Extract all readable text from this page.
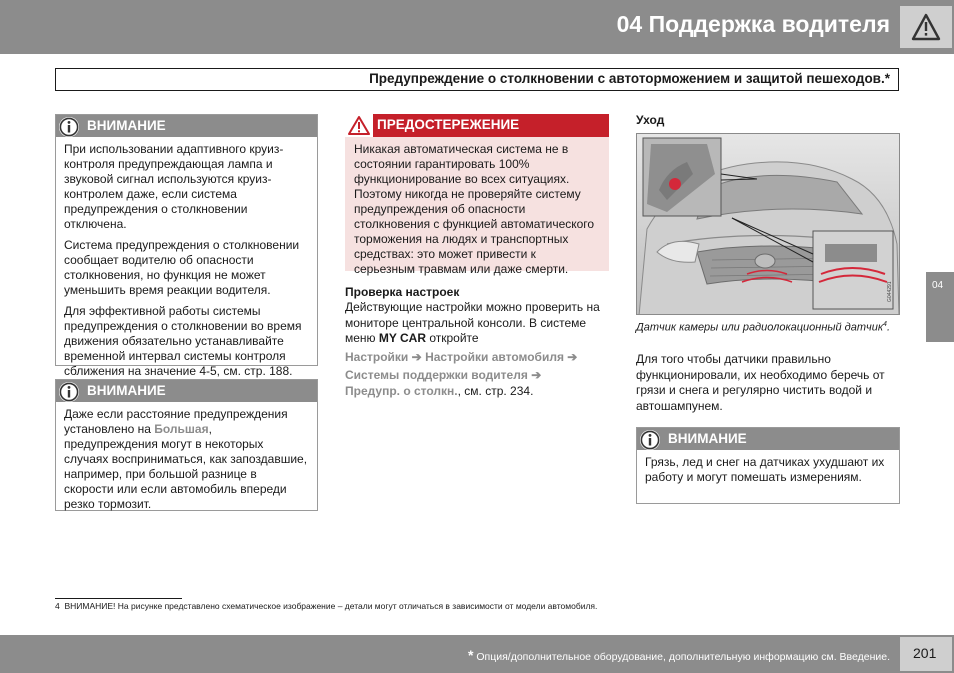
04 Поддержка водителя
Предупреждение о столкновении с автоторможением и защитой пешеходов.*
ВНИМАНИЕ

При использовании адаптивного круиз-контроля предупреждающая лампа и звуковой сигнал используются круиз-контролем даже, если система предупреждения о столкновении отключена.

Система предупреждения о столкновении сообщает водителю об опасности столкновения, но функция не может уменьшить время реакции водителя.

Для эффективной работы системы предупреждения о столкновении во время движения обязательно устанавливайте временной интервал системы контроля сближения на значение 4-5, см. стр. 188.

ВНИМАНИЕ

Даже если расстояние предупреждения установлено на Большая, предупреждения могут в некоторых случаях восприниматься, как запоздавшие, например, при большой разнице в скорости или если автомобиль впереди резко тормозит.

ПРЕДОСТЕРЕЖЕНИЕ
Никакая автоматическая система не в состоянии гарантировать 100% функционирование во всех ситуациях. Поэтому никогда не проверяйте систему предупреждения об опасности столкновения с функцией автоматического торможения на людях и транспортных средствах: это может привести к серьезным травмам или даже смерти.
Проверка настроек
Действующие настройки можно проверить на мониторе центральной консоли. В системе меню MY CAR откройте
Настройки ➔ Настройки автомобиля ➔
Системы поддержки водителя ➔
Предупр. о столкн., см. стр. 234.
Уход
G044291
Датчик камеры или радиолокационный датчик$^4$.
Для того чтобы датчики правильно функционировали, их необходимо беречь от грязи и снега и регулярно чистить водой и автошампунем.
ВНИМАНИЕ

Грязь, лед и снег на датчиках ухудшают их работу и могут помешать измерениям.

04
4 ВНИМАНИЕ! На рисунке представлено схематическое изображение – детали могут отличаться в зависимости от модели автомобиля.
* Опция/дополнительное оборудование, дополнительную информацию см. Введение. 201
